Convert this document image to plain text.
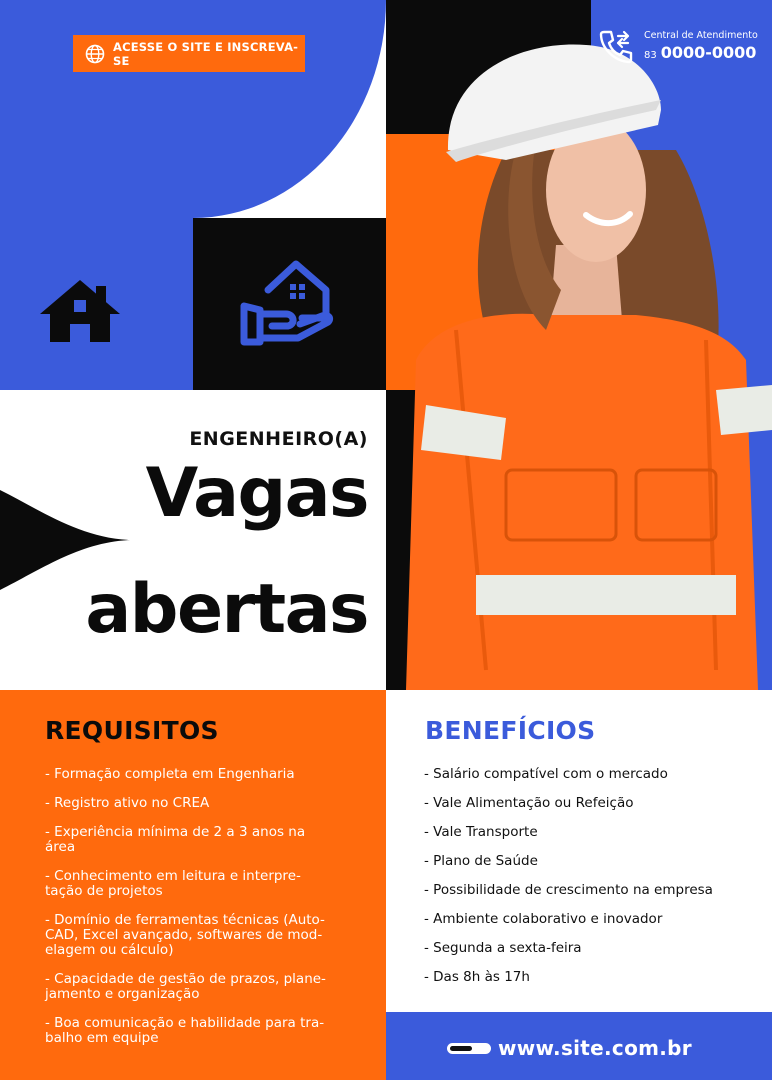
ACESSE O SITE E INSCREVA-SE
Central de Atendimento
83 0000-0000
ENGENHEIRO(A)
Vagas
abertas
REQUISITOS
- Formação completa em Engenharia
- Registro ativo no CREA
- Experiência mínima de 2 a 3 anos na
área
- Conhecimento em leitura e interpre-
tação de projetos
- Domínio de ferramentas técnicas (Auto-
CAD, Excel avançado, softwares de mod-
elagem ou cálculo)
- Capacidade de gestão de prazos, plane-
jamento e organização
- Boa comunicação e habilidade para tra-
balho em equipe
BENEFÍCIOS
- Salário compatível com o mercado
- Vale Alimentação ou Refeição
- Vale Transporte
- Plano de Saúde
- Possibilidade de crescimento na empresa
- Ambiente colaborativo e inovador
- Segunda a sexta-feira
- Das 8h às 17h
www.site.com.br
